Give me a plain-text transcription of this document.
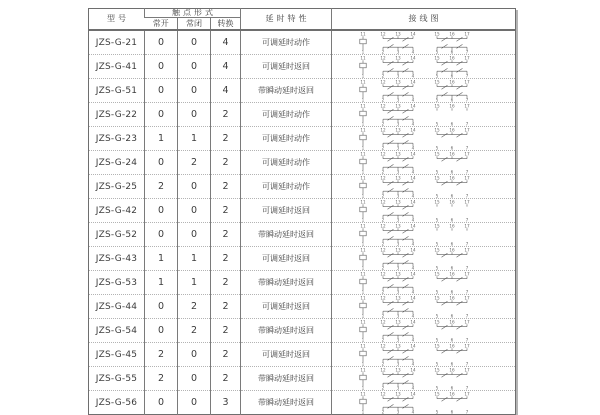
型号	触点形式			延时特性	接线图
	常开	常闭	转换		
JZS-G-21	0	0	4	可调延时动作	
11
1
12 13 14
2	3	4
15 16 17
5	6	7

JZS-G-41	0	0	4	可调延时返回	
11
1
12 13 14
2	3	4
15 16 17
5	6	7

JZS-G-51	0	0	4	带瞬动延时返回	
11
1
12 13 14
2	3	4
15 16 17
5	6	7

JZS-G-22	0	0	2	可调延时动作	
11
1
12 13 14
2	3	4
15 16 17
5	6	7

JZS-G-23	1	1	2	可调延时动作	
11
1
12 13 14
2	3	4
15 16 17
5	6	7

JZS-G-24	0	2	2	可调延时动作	
11
1
12 13 14
2	3	4
15 16 17
5	6	7

JZS-G-25	2	0	2	可调延时动作	
11
1
12 13 14
2	3	4
15 16 17
5	6	7

JZS-G-42	0	0	2	可调延时返回	
11
1
12 13 14
2	3	4
15 16 17
5	6	7

JZS-G-52	0	0	2	带瞬动延时返回	
11
1
12 13 14
2	3	4
15 16 17
5	6	7

JZS-G-43	1	1	2	可调延时返回	
11
1
12 13 14
2	3	4
15 16 17
5	6	7

JZS-G-53	1	1	2	带瞬动延时返回	
11
1
12 13 14
2	3	4
15 16 17
5	6	7

JZS-G-44	0	2	2	可调延时返回	
11
1
12 13 14
2	3	4
15 16 17
5	6	7

JZS-G-54	0	2	2	带瞬动延时返回	
11
1
12 13 14
2	3	4
15 16 17
5	6	7

JZS-G-45	2	0	2	可调延时返回	
11
1
12 13 14
2	3	4
15 16 17
5	6	7

JZS-G-55	2	0	2	带瞬动延时返回	
11
1
12 13 14
2	3	4
15 16 17
5	6	7

JZS-G-56	0	0	3	带瞬动延时返回	
11
1
12 13 14
2	3	4
15 16 17
5	6	7
